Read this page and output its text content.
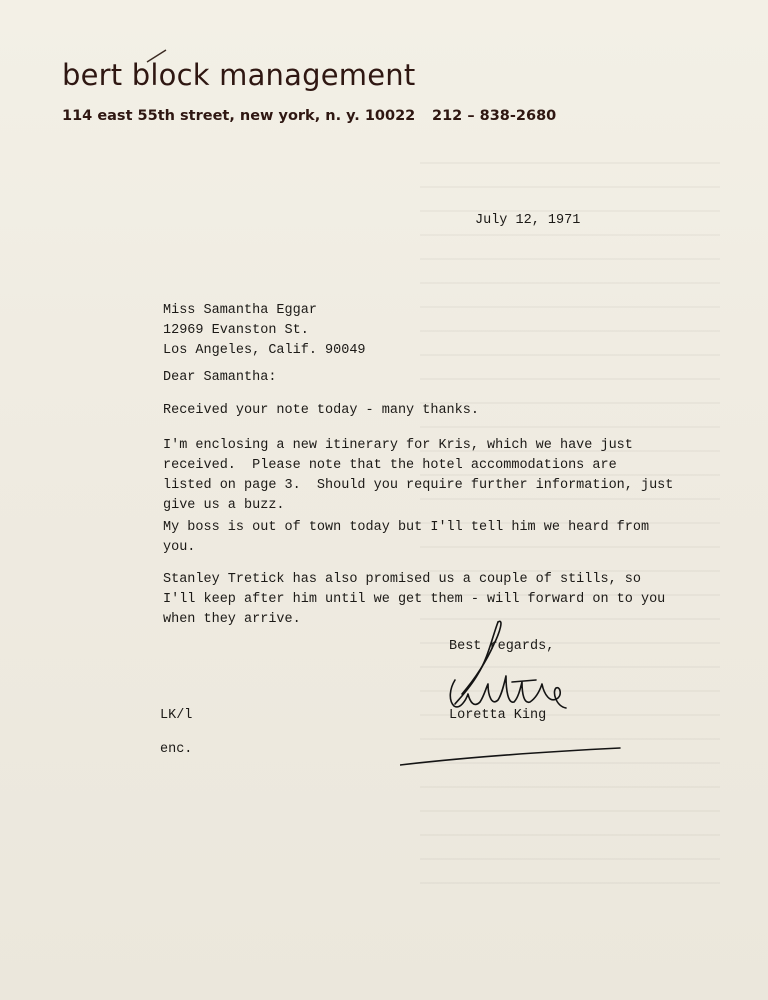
bert block management
114 east 55th street, new york, n. y. 10022 212 – 838-2680

July 12, 1971

Miss Samantha Eggar
12969 Evanston St.
Los Angeles, Calif. 90049

Dear Samantha:

Received your note today - many thanks.
I'm enclosing a new itinerary for Kris, which we have just
received.  Please note that the hotel accommodations are
listed on page 3.  Should you require further information, just
give us a buzz.
My boss is out of town today but I'll tell him we heard from
you.
Stanley Tretick has also promised us a couple of stills, so
I'll keep after him until we get them - will forward on to you
when they arrive.

Best regards,

Loretta King

LK/l

enc.
